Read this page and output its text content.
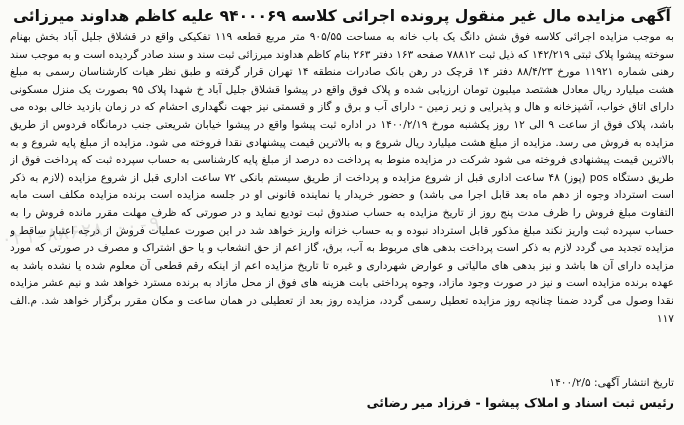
آگهی مزایده مال غیر منقول پرونده اجرائی کلاسه ۹۴۰۰۰۶۹ علیه کاظم هداوند میرزائی

به موجب مزایده اجرائی کلاسه فوق شش دانگ یک باب خانه به مساحت ۹۰۵/۵۵ متر مربع قطعه ۱۱۹ تفکیکی واقع در قشلاق جلیل آباد بخش بهنام سوخته پیشوا پلاک ثبتی ۱۴۲/۲۱۹ که ذیل ثبت ۷۸۸۱۲ صفحه ۱۶۳ دفتر ۲۶۳ بنام کاظم هداوند میرزائی ثبت سند و سند صادر گردیده است و به موجب سند رهنی شماره ۱۱۹۲۱ مورخ ۸۸/۴/۲۳ دفتر ۱۴ قرچک در رهن بانک صادرات منطقه ۱۴ تهران قرار گرفته و طبق نظر هیات کارشناسان رسمی به مبلغ هشت میلیارد ریال معادل هشتصد میلیون تومان ارزیابی شده و پلاک فوق واقع در پیشوا قشلاق جلیل آباد خ شهدا پلاک ۹۵ بصورت یک منزل مسکونی دارای اتاق خواب، آشپزخانه و هال و پذیرایی و زیر زمین - دارای آب و برق و گاز و قسمتی نیز جهت نگهداری احشام که در زمان بازدید خالی بوده می باشد، پلاک فوق از ساعت ۹ الی ۱۲ روز یکشنبه مورخ ۱۴۰۰/۲/۱۹ در اداره ثبت پیشوا واقع در پیشوا خیابان شریعتی جنب درمانگاه فردوس از طریق مزایده به فروش می رسد. مزایده از مبلغ هشت میلیارد ریال شروع و به بالاترین قیمت پیشنهادی نقدا فروخته می شود. مزایده از مبلغ پایه شروع و به بالاترین قیمت پیشنهادی فروخته می شود شرکت در مزایده منوط به پرداخت ده درصد از مبلغ پایه کارشناسی به حساب سپرده ثبت که پرداخت فوق از طریق دستگاه pos (پوز) ۴۸ ساعت اداری قبل از شروع مزایده و پرداخت از طریق سیستم بانکی ۷۲ ساعت اداری قبل از شروع مزایده (لازم به ذکر است استرداد وجوه از دهم ماه بعد قابل اجرا می باشد) و حضور خریدار یا نماینده قانونی او در جلسه مزایده است برنده مزایده مکلف است مابه التفاوت مبلغ فروش را ظرف مدت پنج روز از تاریخ مزایده به حساب صندوق ثبت تودیع نماید و در صورتی که ظرف مهلت مقرر مانده فروش را به حساب سپرده ثبت واریز نکند مبلغ مذکور قابل استرداد نبوده و به حساب خزانه واریز خواهد شد در این صورت عملیات فروش از درجه اعتبار ساقط و مزایده تجدید می گردد لازم به ذکر است پرداخت بدهی های مربوط به آب، برق، گاز اعم از حق انشعاب و یا حق اشتراک و مصرف در صورتی که مورد مزایده دارای آن ها باشد و نیز بدهی های مالیاتی و عوارض شهرداری و غیره تا تاریخ مزایده اعم از اینکه رقم قطعی آن معلوم شده یا نشده باشد به عهده برنده مزایده است و نیز در صورت وجود مازاد، وجوه پرداختی بابت هزینه های فوق از محل مازاد به برنده مسترد خواهد شد و نیم عشر مزایده نقدا وصول می گردد ضمنا چنانچه روز مزایده تعطیل رسمی گردد، مزایده روز بعد از تعطیلی در همان ساعت و مکان مقرر برگزار خواهد شد. م.الف ۱۱۷

تاریخ انتشار آگهی: ۱۴۰۰/۲/۵
رئیس ثبت اسناد و املاک پیشوا - فرزاد میر رضائی
۰۲۱-۸۸۶۲۸۰۰۰-۹
